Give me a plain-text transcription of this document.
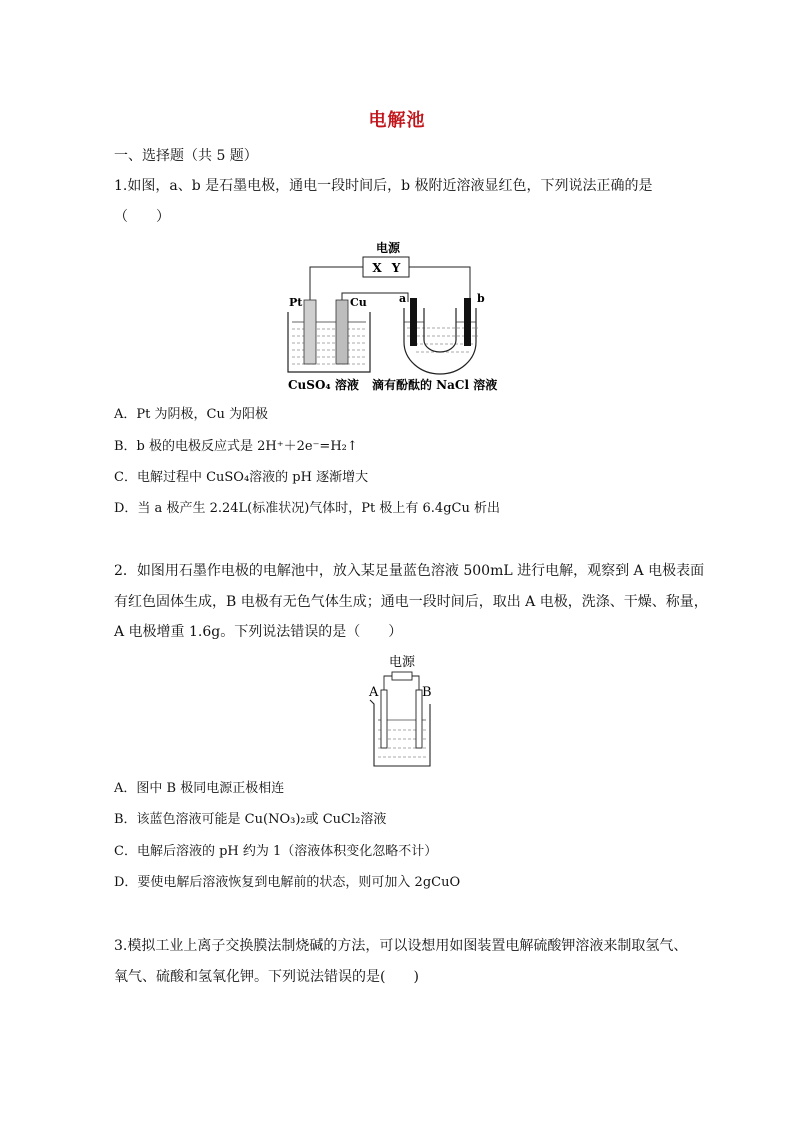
电解池
一、选择题（共 5 题）
1.如图，a、b 是石墨电极，通电一段时间后，b 极附近溶液显红色，下列说法正确的是
（　　）
电源
X Y
Pt	Cu	a	b
CuSO₄ 溶液 滴有酚酞的 NaCl 溶液
A．Pt 为阴极，Cu 为阳极
B．b 极的电极反应式是 2H⁺＋2e⁻=H₂↑
C．电解过程中 CuSO₄溶液的 pH 逐渐增大
D．当 a 极产生 2.24L(标准状况)气体时，Pt 极上有 6.4gCu 析出
2．如图用石墨作电极的电解池中，放入某足量蓝色溶液 500mL 进行电解，观察到 A 电极表面
有红色固体生成，B 电极有无色气体生成；通电一段时间后，取出 A 电极，洗涤、干燥、称量，
A 电极增重 1.6g。下列说法错误的是（　　）
电源
A	B
A．图中 B 极同电源正极相连
B．该蓝色溶液可能是 Cu(NO₃)₂或 CuCl₂溶液
C．电解后溶液的 pH 约为 1（溶液体积变化忽略不计）
D．要使电解后溶液恢复到电解前的状态，则可加入 2gCuO
3.模拟工业上离子交换膜法制烧碱的方法，可以设想用如图装置电解硫酸钾溶液来制取氢气、
氧气、硫酸和氢氧化钾。下列说法错误的是(　　)
